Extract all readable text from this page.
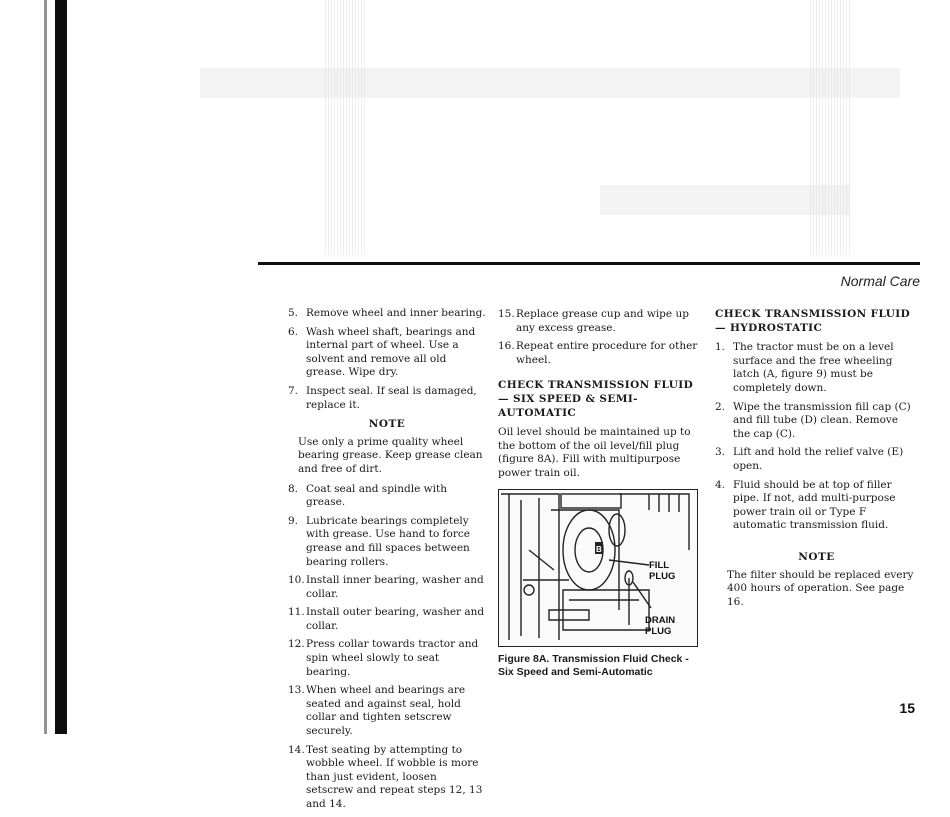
Normal Care
5. Remove wheel and inner bearing.
6. Wash wheel shaft, bearings and internal part of wheel. Use a solvent and remove all old grease. Wipe dry.
7. Inspect seal. If seal is damaged, replace it.
NOTE
Use only a prime quality wheel bearing grease. Keep grease clean and free of dirt.
8. Coat seal and spindle with grease.
9. Lubricate bearings completely with grease. Use hand to force grease and fill spaces between bearing rollers.
10. Install inner bearing, washer and collar.
11. Install outer bearing, washer and collar.
12. Press collar towards tractor and spin wheel slowly to seat bearing.
13. When wheel and bearings are seated and against seal, hold collar and tighten setscrew securely.
14. Test seating by attempting to wobble wheel. If wobble is more than just evident, loosen setscrew and repeat steps 12, 13 and 14.
15. Replace grease cup and wipe up any excess grease.
16. Repeat entire procedure for other wheel.
CHECK TRANSMISSION FLUID — SIX SPEED & SEMI-AUTOMATIC
Oil level should be maintained up to the bottom of the oil level/fill plug (figure 8A). Fill with multipurpose power train oil.
B
FILL
PLUG
DRAIN
PLUG
Figure 8A. Transmission Fluid Check - Six Speed and Semi-Automatic
CHECK TRANSMISSION FLUID — HYDROSTATIC
1. The tractor must be on a level surface and the free wheeling latch (A, figure 9) must be completely down.
2. Wipe the transmission fill cap (C) and fill tube (D) clean. Remove the cap (C).
3. Lift and hold the relief valve (E) open.
4. Fluid should be at top of filler pipe. If not, add multi-purpose power train oil or Type F automatic transmission fluid.
NOTE
The filter should be replaced every 400 hours of operation. See page 16.
15
